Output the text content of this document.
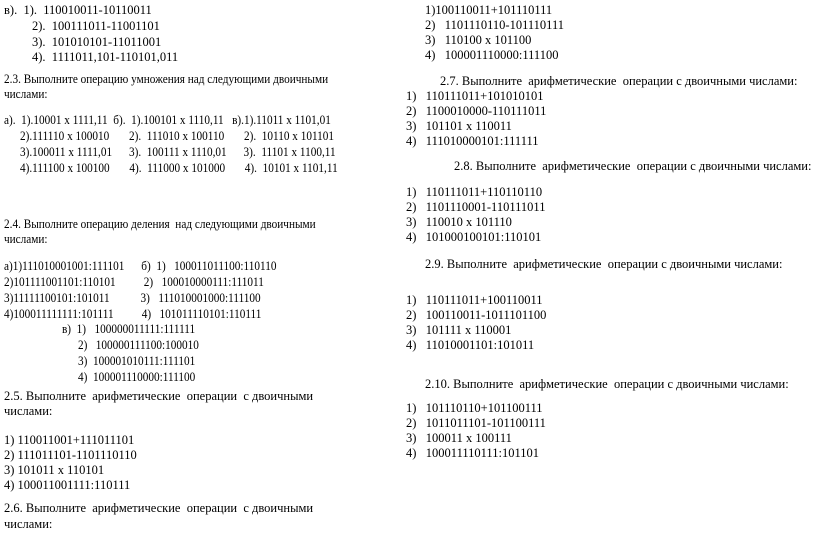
в).  1).  110010011-10110011
2).  100111011-11001101
3).  101010101-11011001
4).  1111011,101-110101,011
2.3. Выполните операцию умножения над следующими двоичными
числами:
а).  1).10001 х 1111,11  б).  1).100101 х 1110,11   в).1).11011 х 1101,01
2).111110 х 100010       2).  111010 х 100110       2).  10110 х 101101
3).100011 х 1111,01      3).  100111 х 1110,01      3).  11101 х 1100,11
4).111100 х 100100       4).  111000 х 101000       4).  10101 х 1101,11
2.4. Выполните операцию деления  над следующими двоичными
числами:
а)1)111010001001:111101      б)  1)   100011011100:110110
2)101111001101:110101          2)   100010000111:111011
3)11111100101:101011           3)   111010001000:111100
4)100011111111:101111          4)   101011110101:110111
в)  1)   100000011111:111111
2)   100000111100:100010
3)  100001010111:111101
4)  100001110000:111100
2.5. Выполните  арифметические  операции  с двоичными
числами:
1) 110011001+111011101
2) 111011101-1101110110
3) 101011 х 110101
4) 100011001111:110111
2.6. Выполните  арифметические  операции  с двоичными
числами:
1)100110011+101110111
2)   1101110110-101110111
3)   110100 х 101100
4)   100001110000:111100
2.7. Выполните  арифметические  операции с двоичными числами:
1)   110111011+101010101
2)   1100010000-110111011
3)   101101 х 110011
4)   111010000101:111111
2.8. Выполните  арифметические  операции с двоичными числами:
1)   110111011+110110110
2)   1101110001-110111011
3)   110010 х 101110
4)   101000100101:110101
2.9. Выполните  арифметические  операции с двоичными числами:
1)   110111011+100110011
2)   100110011-1011101100
3)   101111 х 110001
4)   11010001101:101011
2.10. Выполните  арифметические  операции с двоичными числами:
1)   101110110+101100111
2)   1011011101-101100111
3)   100011 х 100111
4)   100011110111:101101
